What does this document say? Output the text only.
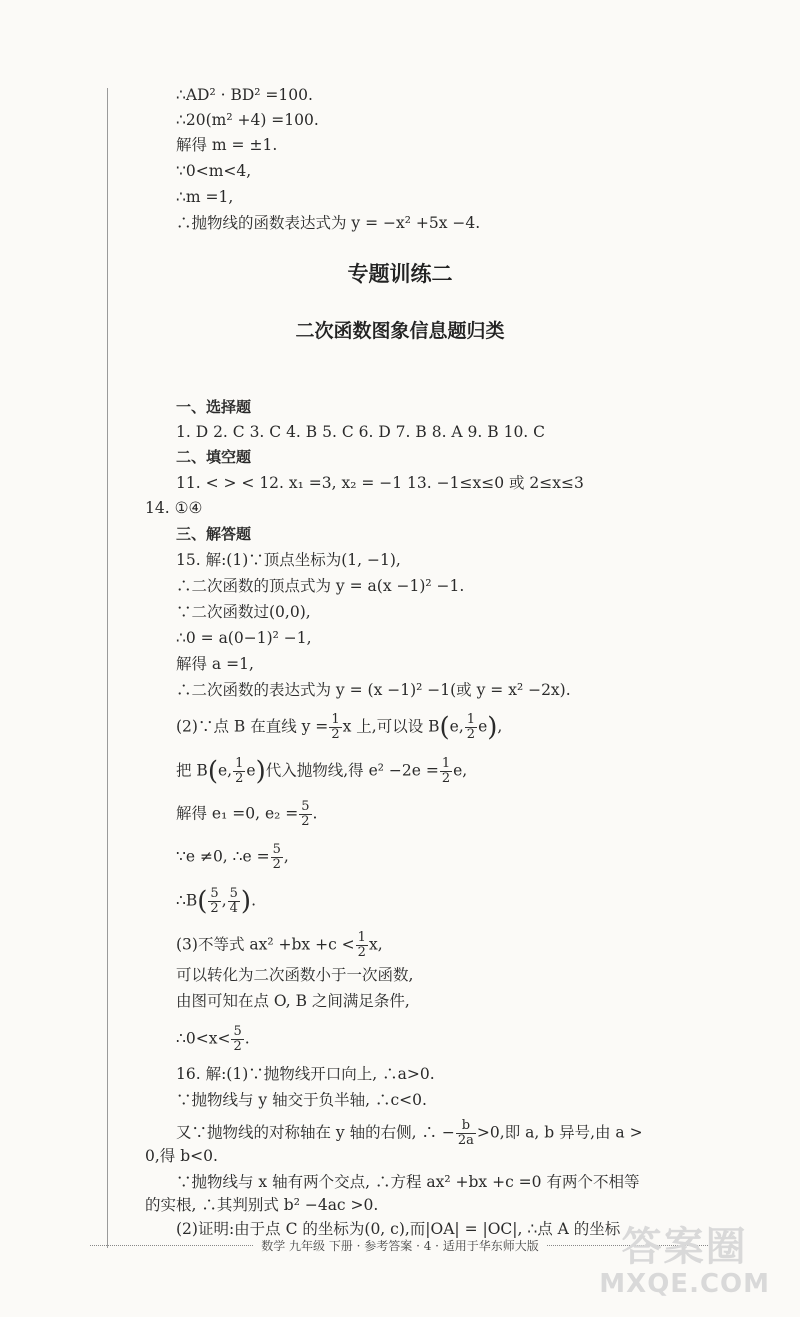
∴AD² · BD² =100.
∴20(m² +4) =100.
解得 m = ±1.
∵0<m<4,
∴m =1,
∴抛物线的函数表达式为 y = −x² +5x −4.
专题训练二
二次函数图象信息题归类
一、选择题
1. D 2. C 3. C 4. B 5. C 6. D 7. B 8. A 9. B 10. C
二、填空题
11. < > < 12. x₁ =3, x₂ = −1 13. −1≤x≤0 或 2≤x≤3
14. ①④
三、解答题
15. 解:(1)∵顶点坐标为(1, −1),
∴二次函数的顶点式为 y = a(x −1)² −1.
∵二次函数过(0,0),
∴0 = a(0−1)² −1,
解得 a =1,
∴二次函数的表达式为 y = (x −1)² −1(或 y = x² −2x).
(2)∵点 B 在直线 $y = \frac{1}{2}$ x 上,可以设 B(e, $\frac{1}{2} e$),
把 B(e, $\frac{1}{2} e$)代入抛物线,得 $e^2 -2e = \frac{1}{2} e$,
解得 e₁ =0, $e_2 = \frac{5}{2}$ .
∵e ≠0, ∴e = $\frac{5}{2}$ ,
∴B( $\frac{5}{2}$ , $\frac{5}{4}$ ).
(3)不等式 $ax^2 +bx +c < \frac{1}{2} x$,
可以转化为二次函数小于一次函数,
由图可知在点 O, B 之间满足条件,
∴0<x< $\frac{5}{2}$ .
16. 解:(1)∵抛物线开口向上, ∴a>0.
∵抛物线与 y 轴交于负半轴, ∴c<0.
又∵抛物线的对称轴在 y 轴的右侧, ∴ − $\frac{b}{2a} >0$,即 a, b 异号,由 a >
0,得 b<0.
∵抛物线与 x 轴有两个交点, ∴方程 ax² +bx +c =0 有两个不相等
的实根, ∴其判别式 b² −4ac >0.
(2)证明:由于点 C 的坐标为(0, c),而|OA| = |OC|, ∴点 A 的坐标
数学 九年级 下册 · 参考答案 · 4 · 适用于华东师大版	答案圈
MXQE.COM
